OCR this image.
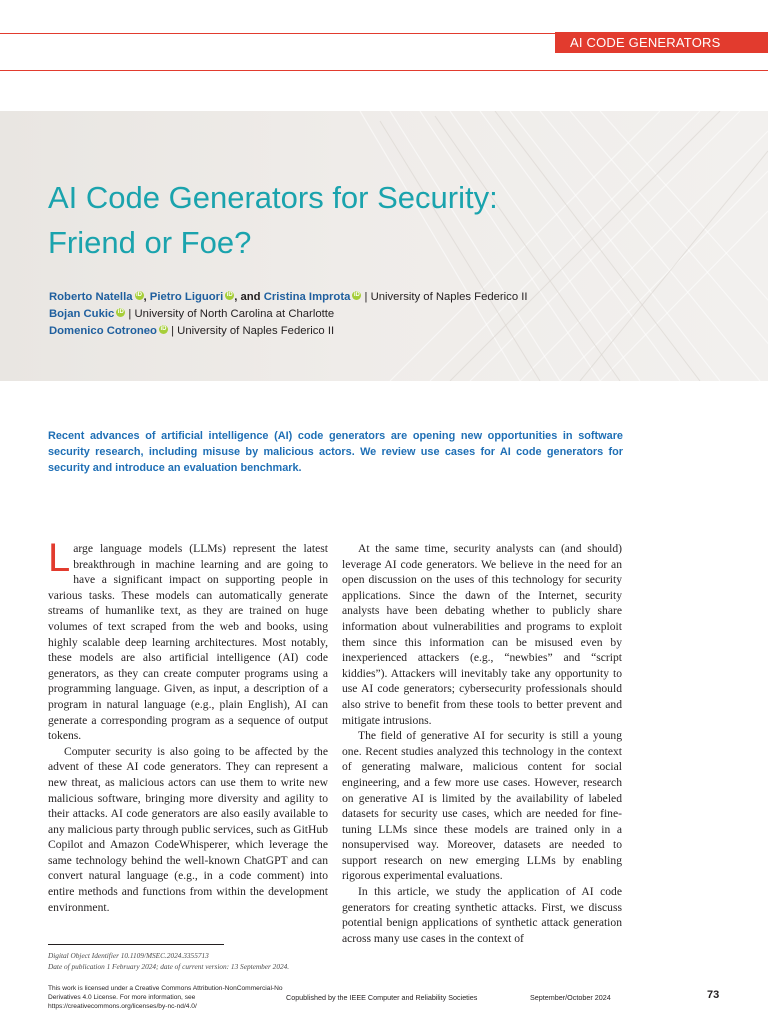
AI CODE GENERATORS
AI Code Generators for Security:
Friend or Foe?
Roberto Natella iD , Pietro Liguori iD , and Cristina Improta iD | University of Naples Federico II
Bojan Cukic iD | University of North Carolina at Charlotte
Domenico Cotroneo iD | University of Naples Federico II

Recent advances of artificial intelligence (AI) code generators are opening new opportunities in software security research, including misuse by malicious actors. We review use cases for AI code generators for security and introduce an evaluation benchmark.

Large language models (LLMs) represent the latest breakthrough in machine learning and are going to have a significant impact on supporting people in various tasks. These models can automatically generate streams of humanlike text, as they are trained on huge volumes of text scraped from the web and books, using highly scalable deep learning architectures. Most notably, these models are also artificial intelligence (AI) code generators, as they can create computer programs using a programming language. Given, as input, a description of a program in natural language (e.g., plain English), AI can generate a corresponding program as a sequence of output tokens.

Computer security is also going to be affected by the advent of these AI code generators. They can represent a new threat, as malicious actors can use them to write new malicious software, bringing more diversity and agility to their attacks. AI code generators are also easily available to any malicious party through public services, such as GitHub Copilot and Amazon CodeWhisperer, which leverage the same technology behind the well-known ChatGPT and can convert natural language (e.g., in a code comment) into entire methods and functions from within the development environment.

At the same time, security analysts can (and should) leverage AI code generators. We believe in the need for an open discussion on the uses of this technology for security applications. Since the dawn of the Internet, security analysts have been debating whether to publicly share information about vulnerabilities and programs to exploit them since this information can be misused even by inexperienced attackers (e.g., “newbies” and “script kiddies”). Attackers will inevitably take any opportunity to use AI code generators; cybersecurity professionals should also strive to benefit from these tools to better prevent and mitigate intrusions.

The field of generative AI for security is still a young one. Recent studies analyzed this technology in the context of generating malware, malicious content for social engineering, and a few more use cases. However, research on generative AI is limited by the availability of labeled datasets for security use cases, which are needed for fine-tuning LLMs since these models are trained only in a nonsupervised way. Moreover, datasets are needed to support research on new emerging LLMs by enabling rigorous experimental evaluations.

In this article, we study the application of AI code generators for creating synthetic attacks. First, we discuss potential benign applications of synthetic attack generation across many use cases in the context of

Digital Object Identifier 10.1109/MSEC.2024.3355713
Date of publication 1 February 2024; date of current version: 13 September 2024.
This work is licensed under a Creative Commons Attribution-NonCommercial-No Derivatives 4.0 License. For more information, see https://creativecommons.org/licenses/by-nc-nd/4.0/
Copublished by the IEEE Computer and Reliability Societies	September/October 2024	73
